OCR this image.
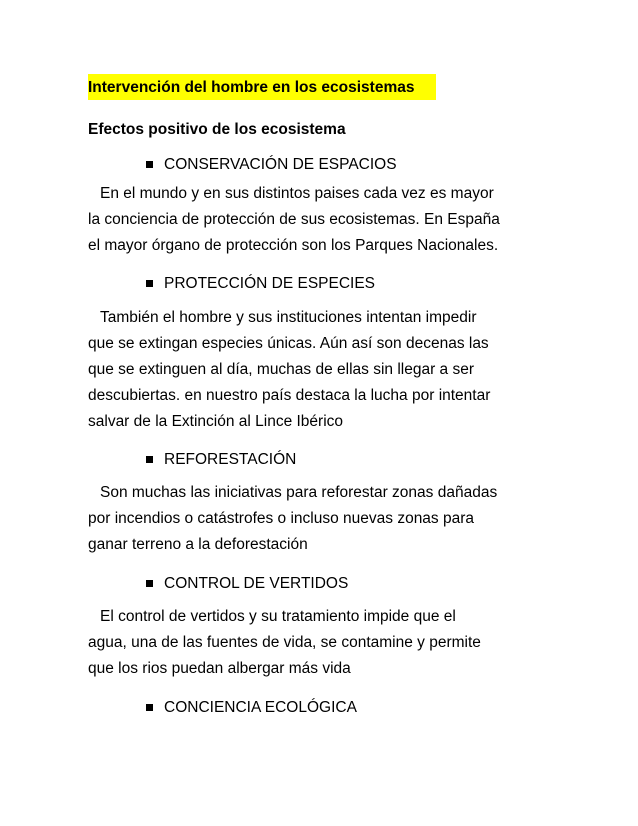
Intervención del hombre en los ecosistemas
Efectos positivo de los ecosistema
CONSERVACIÓN DE ESPACIOS
En el mundo y en sus distintos paises cada vez es mayor
la conciencia de protección de sus ecosistemas. En España
el mayor órgano de protección son los Parques Nacionales.
PROTECCIÓN DE ESPECIES
También el hombre y sus instituciones intentan impedir
que se extingan especies únicas. Aún así son decenas las
que se extinguen al día, muchas de ellas sin llegar a ser
descubiertas. en nuestro país destaca la lucha por intentar
salvar de la Extinción al Lince Ibérico
REFORESTACIÓN
Son muchas las iniciativas para reforestar zonas dañadas
por incendios o catástrofes o incluso nuevas zonas para
ganar terreno a la deforestación
CONTROL DE VERTIDOS
El control de vertidos y su tratamiento impide que el
agua, una de las fuentes de vida, se contamine y permite
que los rios puedan albergar más vida
CONCIENCIA ECOLÓGICA
